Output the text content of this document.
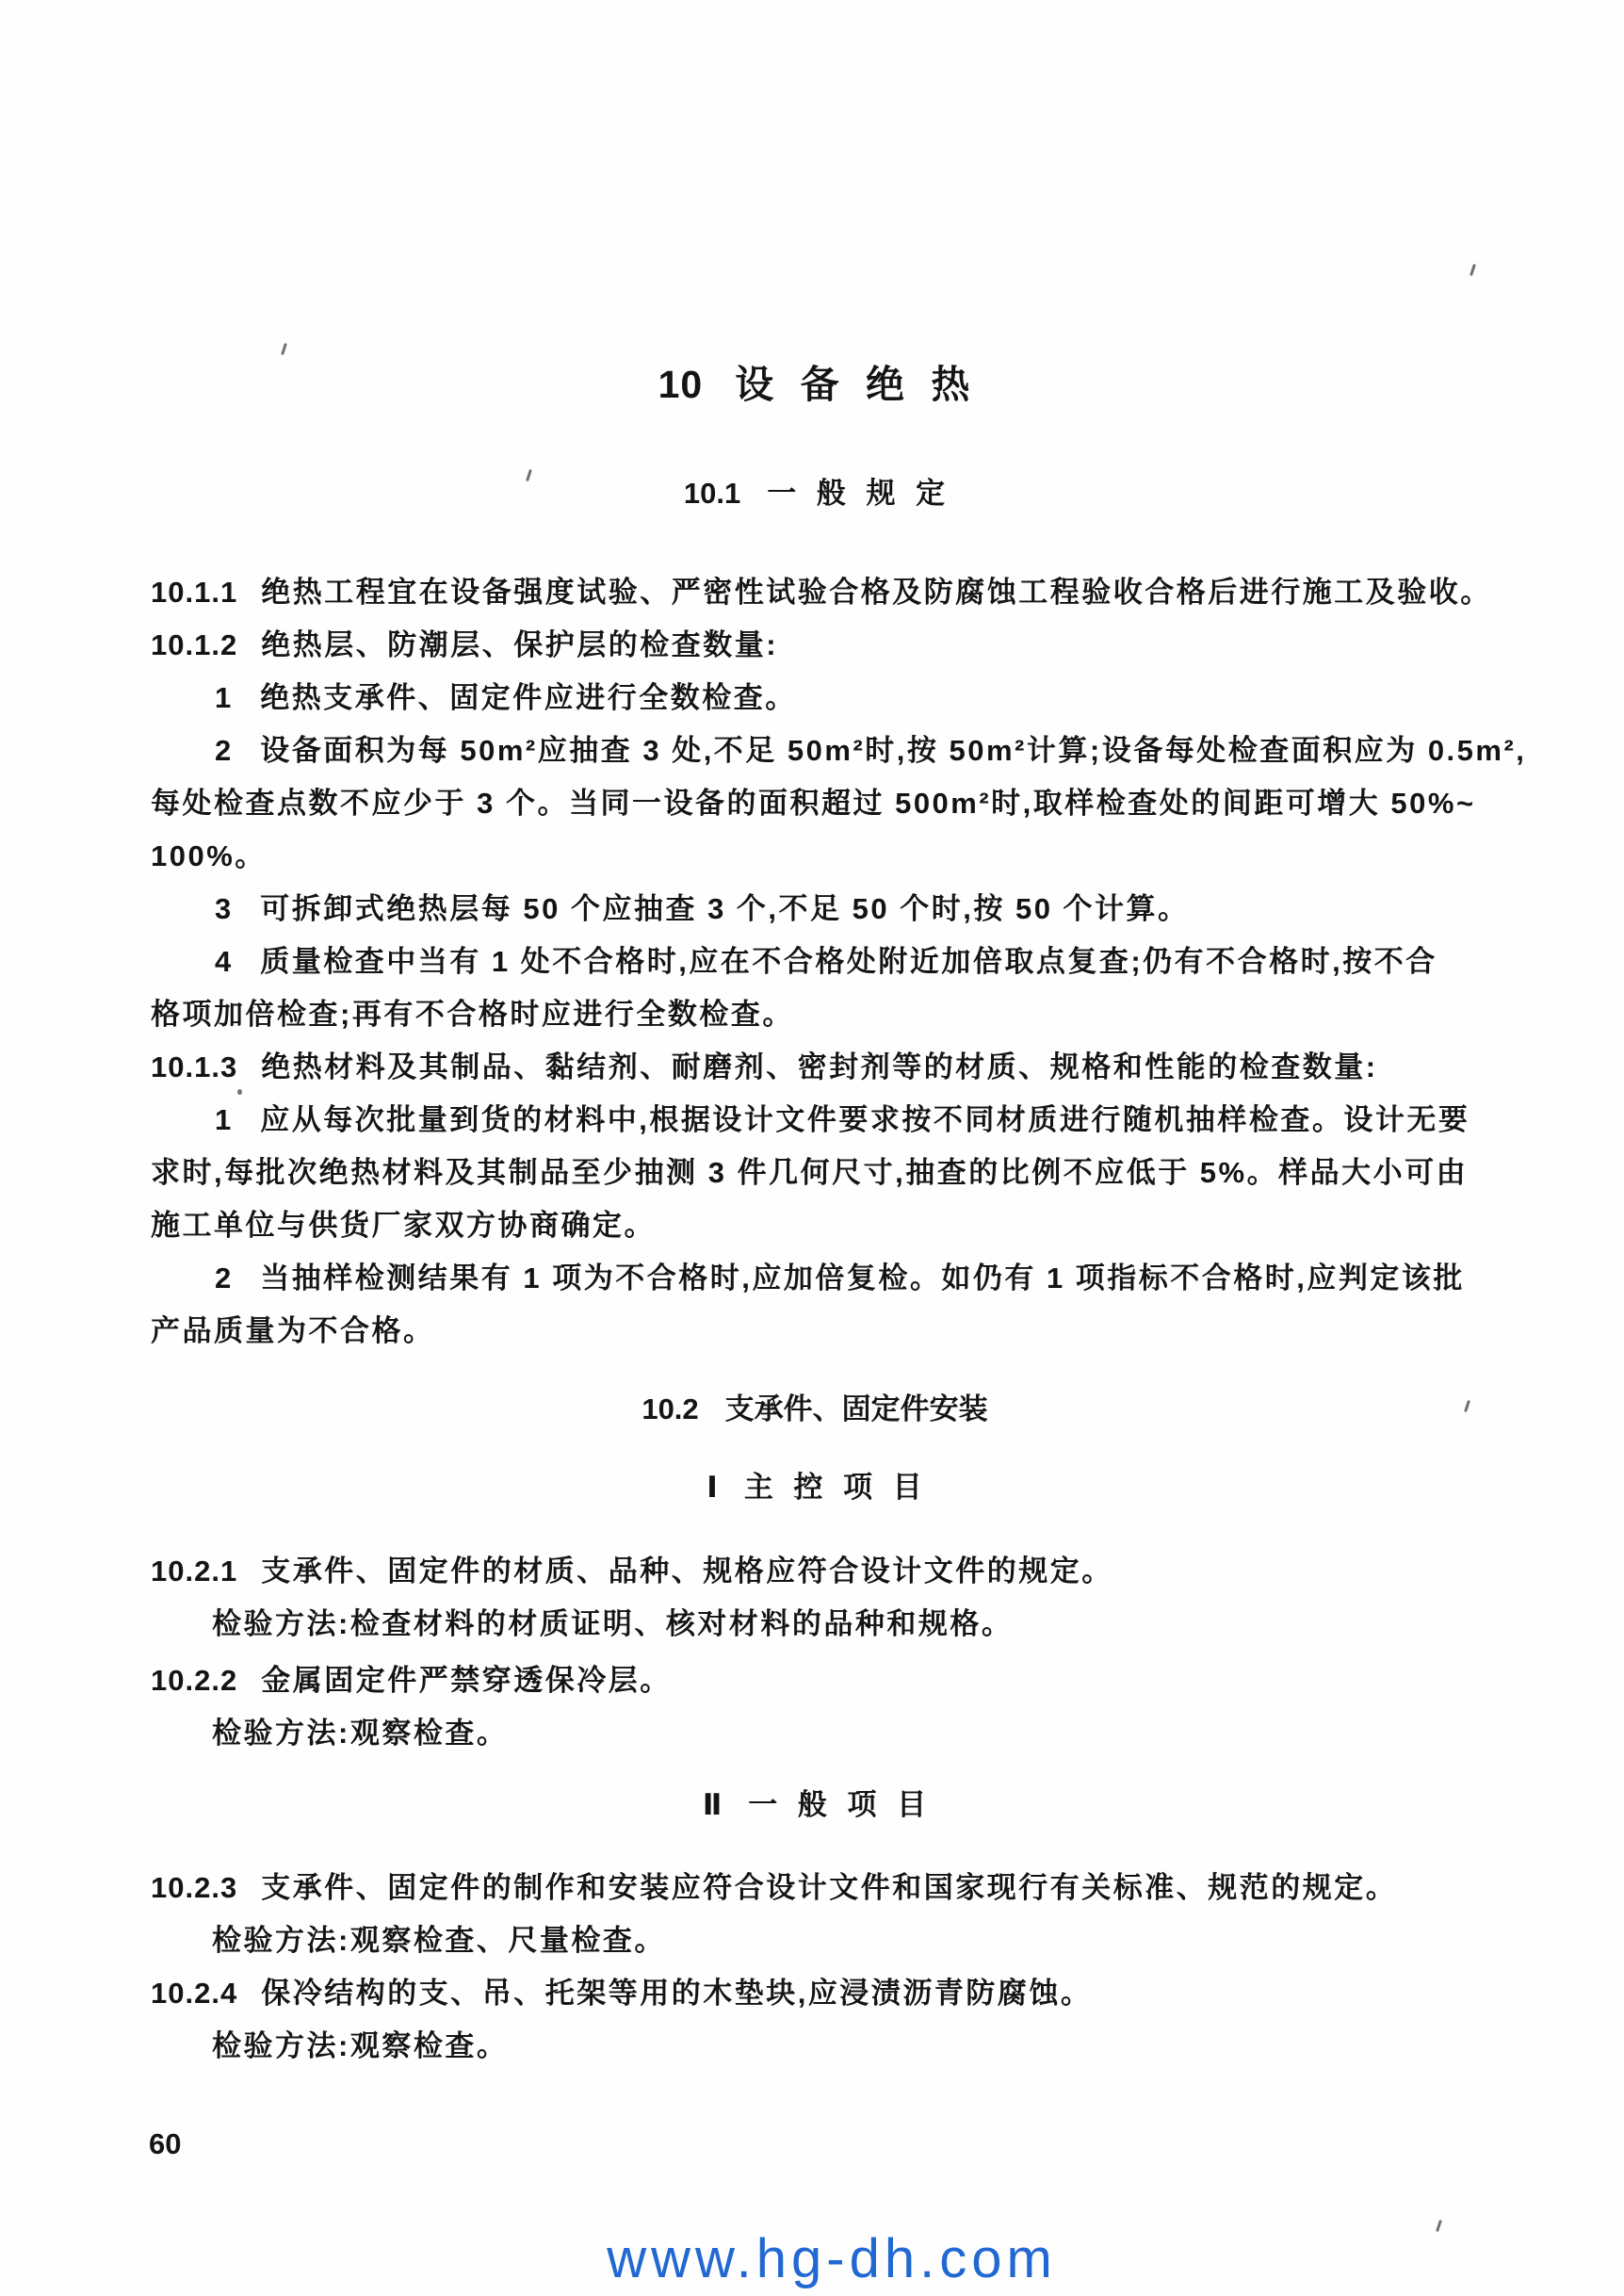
10 设 备 绝 热
10.1 一 般 规 定
10.1.1 绝热工程宜在设备强度试验、严密性试验合格及防腐蚀工程验收合格后进行施工及验收。
10.1.2 绝热层、防潮层、保护层的检查数量:
1 绝热支承件、固定件应进行全数检查。
2 设备面积为每 50m²应抽查 3 处,不足 50m²时,按 50m²计算;设备每处检查面积应为 0.5m²,
每处检查点数不应少于 3 个。当同一设备的面积超过 500m²时,取样检查处的间距可增大 50%~
100%。
3 可拆卸式绝热层每 50 个应抽查 3 个,不足 50 个时,按 50 个计算。
4 质量检查中当有 1 处不合格时,应在不合格处附近加倍取点复查;仍有不合格时,按不合
格项加倍检查;再有不合格时应进行全数检查。
10.1.3 绝热材料及其制品、黏结剂、耐磨剂、密封剂等的材质、规格和性能的检查数量:
1 应从每次批量到货的材料中,根据设计文件要求按不同材质进行随机抽样检查。设计无要
求时,每批次绝热材料及其制品至少抽测 3 件几何尺寸,抽查的比例不应低于 5%。样品大小可由
施工单位与供货厂家双方协商确定。
2 当抽样检测结果有 1 项为不合格时,应加倍复检。如仍有 1 项指标不合格时,应判定该批
产品质量为不合格。
10.2 支承件、固定件安装
Ⅰ 主 控 项 目
10.2.1 支承件、固定件的材质、品种、规格应符合设计文件的规定。
检验方法:检查材料的材质证明、核对材料的品种和规格。
10.2.2 金属固定件严禁穿透保冷层。
检验方法:观察检查。
Ⅱ 一 般 项 目
10.2.3 支承件、固定件的制作和安装应符合设计文件和国家现行有关标准、规范的规定。
检验方法:观察检查、尺量检查。
10.2.4 保冷结构的支、吊、托架等用的木垫块,应浸渍沥青防腐蚀。
检验方法:观察检查。
60
www.hg-dh.com
